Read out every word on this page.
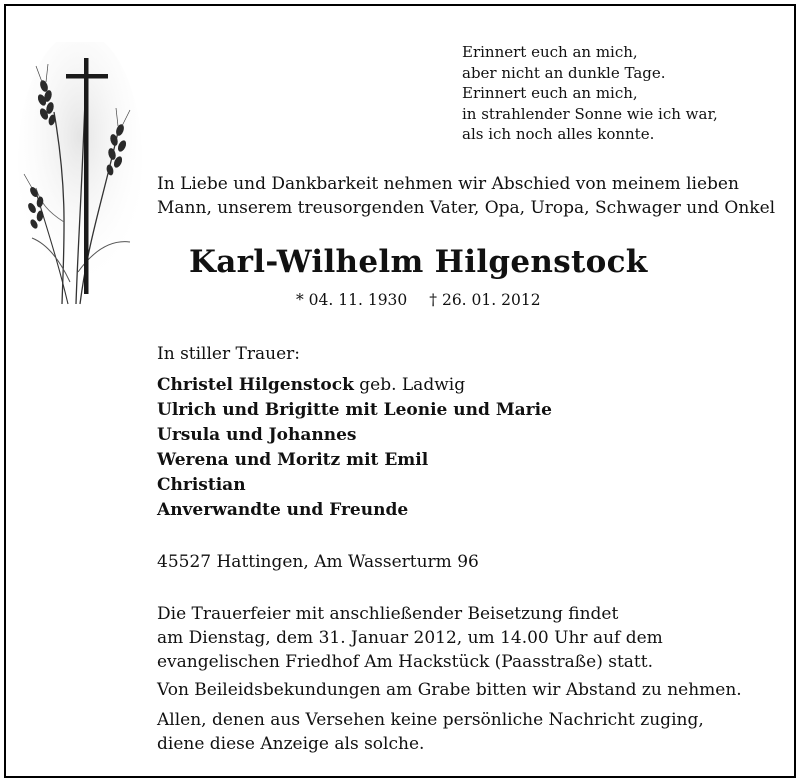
Erinnert euch an mich,
aber nicht an dunkle Tage.
Erinnert euch an mich,
in strahlender Sonne wie ich war,
als ich noch alles konnte.
In Liebe und Dankbarkeit nehmen wir Abschied von meinem lieben
Mann, unserem treusorgenden Vater, Opa, Uropa, Schwager und Onkel
Karl-Wilhelm Hilgenstock
* 04. 11. 1930 † 26. 01. 2012
In stiller Trauer:
Christel Hilgenstock geb. Ladwig
Ulrich und Brigitte mit Leonie und Marie
Ursula und Johannes
Werena und Moritz mit Emil
Christian
Anverwandte und Freunde
45527 Hattingen, Am Wasserturm 96
Die Trauerfeier mit anschließender Beisetzung findet
am Dienstag, dem 31. Januar 2012, um 14.00 Uhr auf dem
evangelischen Friedhof Am Hackstück (Paasstraße) statt.
Von Beileidsbekundungen am Grabe bitten wir Abstand zu nehmen.
Allen, denen aus Versehen keine persönliche Nachricht zuging,
diene diese Anzeige als solche.
